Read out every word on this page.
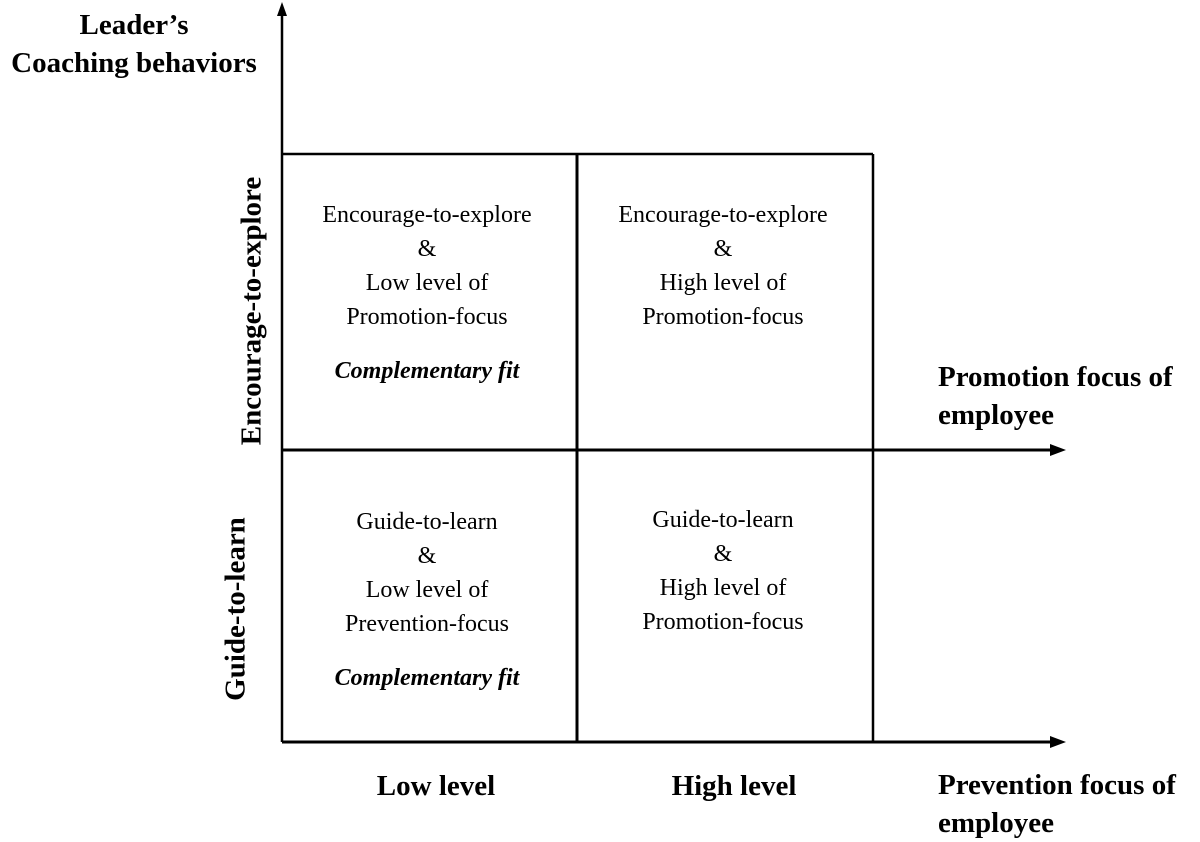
Leader’s
Coaching behaviors
Encourage-to-explore
Guide-to-learn
Encourage-to-explore
&
Low level of
Promotion-focus
Complementary fit
Encourage-to-explore
&
High level of
Promotion-focus
Guide-to-learn
&
Low level of
Prevention-focus
Complementary fit
Guide-to-learn
&
High level of
Promotion-focus
Promotion focus of
employee
Prevention focus of
employee
Low level	High level
